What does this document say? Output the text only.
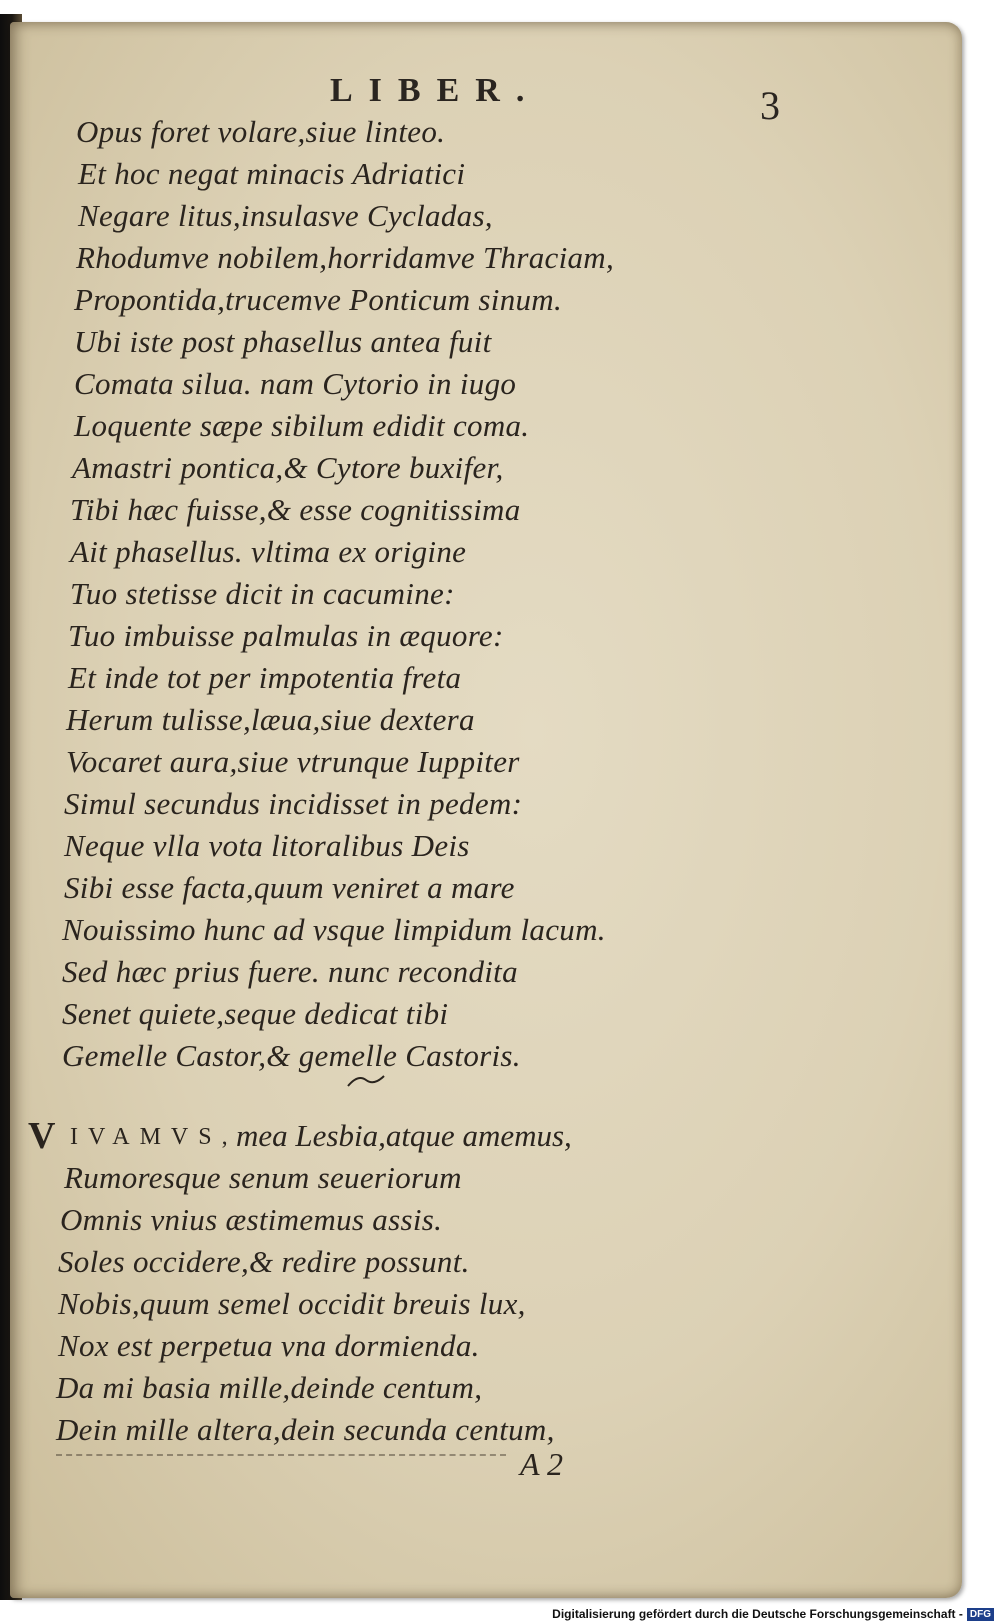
LIBER.	3
Opus foret volare,siue linteo.
Et hoc negat minacis Adriatici
Negare litus,insulasve Cycladas,
Rhodumve nobilem,horridamve Thraciam,
Propontida,trucemve Ponticum sinum.
Ubi iste post phasellus antea fuit
Comata silua. nam Cytorio in iugo
Loquente sæpe sibilum edidit coma.
Amastri pontica,& Cytore buxifer,
Tibi hæc fuisse,& esse cognitissima
Ait phasellus. vltima ex origine
Tuo stetisse dicit in cacumine:
Tuo imbuisse palmulas in æquore:
Et inde tot per impotentia freta
Herum tulisse,læua,siue dextera
Vocaret aura,siue vtrunque Iuppiter
Simul secundus incidisset in pedem:
Neque vlla vota litoralibus Deis
Sibi esse facta,quum veniret a mare
Nouissimo hunc ad vsque limpidum lacum.
Sed hæc prius fuere. nunc recondita
Senet quiete,seque dedicat tibi
Gemelle Castor,& gemelle Castoris.
V IVAMVS,
mea Lesbia,atque amemus,
Rumoresque senum seueriorum
Omnis vnius æstimemus assis.
Soles occidere,& redire possunt.
Nobis,quum semel occidit breuis lux,
Nox est perpetua vna dormienda.
Da mi basia mille,deinde centum,
Dein mille altera,dein secunda centum,
A 2
Digitalisierung gefördert durch die Deutsche Forschungsgemeinschaft - DFG
